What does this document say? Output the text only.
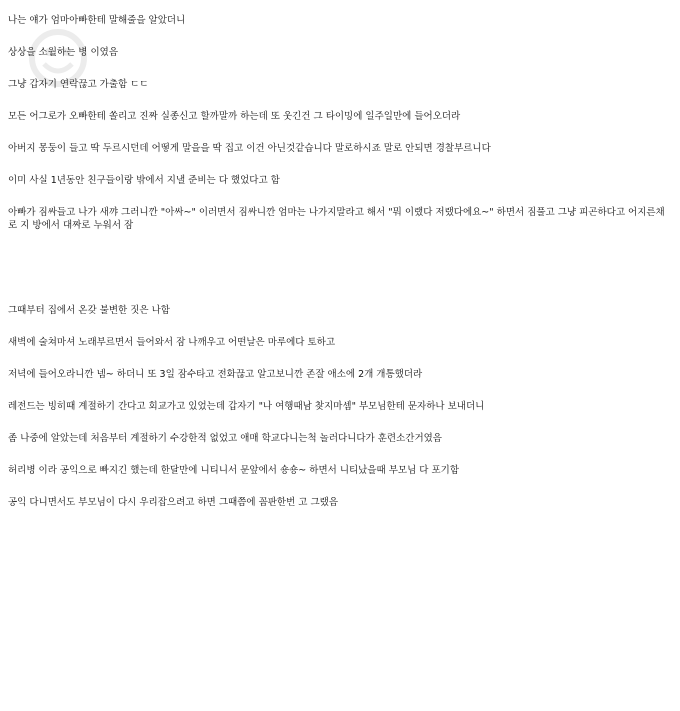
나는 얘가 엄마아빠한테 말해줄을 알았더니

상상을 소월하는 병 이였음

그냥 갑자기 연락끊고 가출함 ㄷㄷ

모든 어그로가 오빠한테 쏠리고 진짜 실종신고 할까말까 하는데 또 웃긴건 그 타이밍에 일주일만에 들어오더라

아버지 몽둥이 들고 딱 두르시던데 어떻게 말을을 딱 집고 이건 아닌것같습니다 말로하시죠 말로 안되면 경찰부르니다

이미 사실 1년동안 친구들이랑 밖에서 지낼 준비는 다 했었다고 함

아빠가 짐싸들고 나가 새꺄 그러니깐 "아싸~" 이러면서 짐싸니깐 엄마는 나가지말라고 해서 "뭐 이랬다 저랬다에요~" 하면서 짐풀고 그냥 피곤하다고 어지른채로 지 방에서 대짜로 누워서 잠

그때부터 집에서 온갖 불변한 짓은 나함

새벽에 술쳐마셔 노래부르면서 들어와서 잠 나깨우고 어떤날은 마루에다 토하고

저녁에 들어오라니깐 넴~ 하더니 또 3일 잠수타고 전화끊고 알고보니깐 존잘 애소에 2개 개통했더라

레전드는 빙히때 계절하기 간다고 회교가고 있었는데 갑자기 "나 여행때남 찾지마셈" 부모님한테 문자하나 보내더니

좀 나중에 알았는데 처음부터 계절하기 수강한적 없었고 애매 학교다니는척 놀러다니다가 훈련소간거였음

허리병 이라 공익으로 빠지긴 했는데 한달만에 니티니서 문앞에서 숑숑~ 하면서 니티났을때 부모님 다 포기함

공익 다니면서도 부모님이 다시 우리잡으려고 하면 그때쯤에 꼼판한번 고 그랬음
